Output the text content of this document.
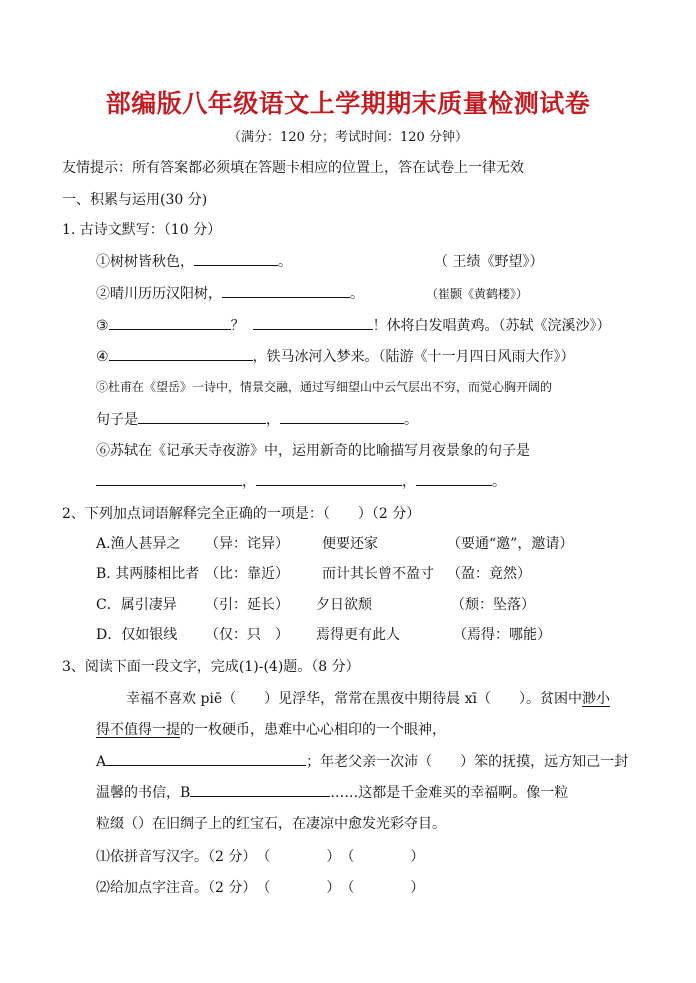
部编版八年级语文上学期期末质量检测试卷
（满分：120 分；考试时间：120 分钟）
友情提示：所有答案都必须填在答题卡相应的位置上，答在试卷上一律无效
一、积累与运用(30 分)
1. 古诗文默写：（10 分）
①树树皆秋色，	。	（ 王绩《野望》）
②晴川历历汉阳树，	。	（崔颢《黄鹤楼》）
③	？	！休将白发唱黄鸡。（苏轼《浣溪沙》）
④	，铁马冰河入梦来。（陆游《十一月四日风雨大作》）
⑤杜甫在《望岳》一诗中，情景交融，通过写细望山中云气层出不穷，而觉心胸开阔的
句子是	，	。
⑥苏轼在《记承天寺夜游》中，运用新奇的比喻描写月夜景象的句子是
，	，	。
2、下列加点词语解释完全正确的一项是：（　　）（2 分）
A.渔人甚异之 （异：诧异） 便要还家	（要通“邀”，邀请）
B. 其两膝相比者 （比：靠近） 而计其长曾不盈寸 （盈：竟然）
C．属引凄异 （引：延长） 夕日欲颓	（颓：坠落）
D．仅如银线 （仅：只　） 焉得更有此人	（焉得：哪能）
3、阅读下面一段文字，完成(1)-(4)题。（8 分）
幸福不喜欢 piē（　　）见浮华，常常在黑夜中期待晨 xī（　　）。贫困中渺小
得不值得一提的一枚硬币，患难中心心相印的一个眼神，
A	；年老父亲一次沛（　　）笨的抚摸，远方知己一封
温馨的书信，B	……这都是千金难买的幸福啊。像一粒
粒缀（）在旧绸子上的红宝石，在凄凉中愈发光彩夺目。
⑴依拼音写汉字。（2 分）　（　　　　）　（　　　　）
⑵给加点字注音。（2 分）　（　　　　）　（　　　　）
